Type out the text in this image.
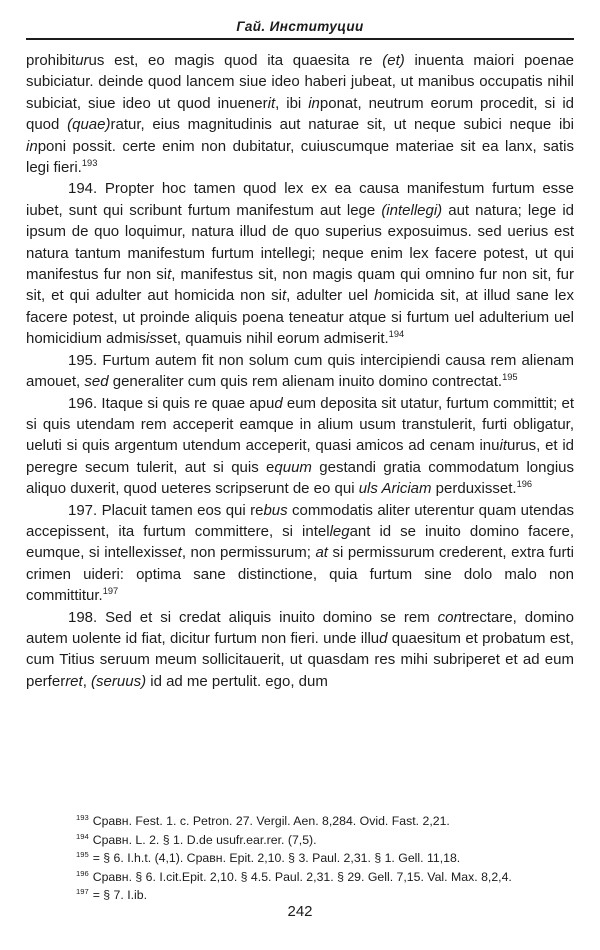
Гай. Институции

prohibiturus est, eo magis quod ita quaesita re (et) inuenta maiori poenae subiciatur. deinde quod lancem siue ideo haberi jubeat, ut manibus occupatis nihil subiciat, siue ideo ut quod inuenerit, ibi inponat, neutrum eorum procedit, si id quod (quae)ratur, eius magnitudinis aut naturae sit, ut neque subici neque ibi inponi possit. certe enim non dubitatur, cuiuscumque materiae sit ea lanx, satis legi fieri.$^{193}$

194. Propter hoc tamen quod lex ex ea causa manifestum furtum esse iubet, sunt qui scribunt furtum manifestum aut lege (intellegi) aut natura; lege id ipsum de quo loquimur, natura illud de quo superius exposuimus. sed uerius est natura tantum manifestum furtum intellegi; neque enim lex facere potest, ut qui manifestus fur non sit, manifestus sit, non magis quam qui omnino fur non sit, fur sit, et qui adulter aut homicida non sit, adulter uel homicida sit, at illud sane lex facere potest, ut proinde aliquis poena teneatur atque si furtum uel adulterium uel homicidium admisisset, quamuis nihil eorum admiserit.$^{194}$

195. Furtum autem fit non solum cum quis intercipiendi causa rem alienam amouet, sed generaliter cum quis rem alienam inuito domino contrectat.$^{195}$

196. Itaque si quis re quae apud eum deposita sit utatur, furtum committit; et si quis utendam rem acceperit eamque in alium usum transtulerit, furti obligatur, ueluti si quis argentum utendum acceperit, quasi amicos ad cenam inuiturus, et id peregre secum tulerit, aut si quis equum gestandi gratia commodatum longius aliquo duxerit, quod ueteres scripserunt de eo qui uls Ariciam perduxisset.$^{196}$

197. Placuit tamen eos qui rebus commodatis aliter uterentur quam utendas accepissent, ita furtum committere, si intellegant id se inuito domino facere, eumque, si intellexisset, non permissurum; at si permissurum crederent, extra furti crimen uideri: optima sane distinctione, quia furtum sine dolo malo non committitur.$^{197}$

198. Sed et si credat aliquis inuito domino se rem contrectare, domino autem uolente id fiat, dicitur furtum non fieri. unde illud quaesitum et probatum est, cum Titius seruum meum sollicitauerit, ut quasdam res mihi subriperet et ad eum perferret, (seruus) id ad me pertulit. ego, dum

$^{193}$ Сравн. Fest. 1. c. Petron. 27. Vergil. Aen. 8,284. Ovid. Fast. 2,21.
$^{194}$ Сравн. L. 2. § 1. D.de usufr.ear.rer. (7,5).
$^{195}$ = § 6. I.h.t. (4,1). Сравн. Epit. 2,10. § 3. Paul. 2,31. § 1. Gell. 11,18.
$^{196}$ Сравн. § 6. I.cit.Epit. 2,10. § 4.5. Paul. 2,31. § 29. Gell. 7,15. Val. Max. 8,2,4.
$^{197}$ = § 7. I.ib.
242
